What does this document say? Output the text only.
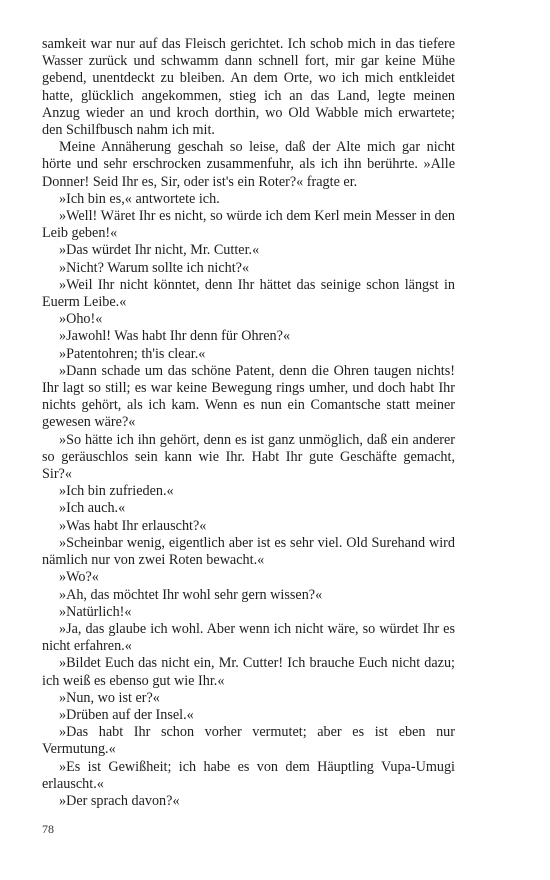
samkeit war nur auf das Fleisch gerichtet. Ich schob mich in das tiefere Wasser zurück und schwamm dann schnell fort, mir gar keine Mühe gebend, unentdeckt zu bleiben. An dem Orte, wo ich mich entkleidet hatte, glücklich angekommen, stieg ich an das Land, legte meinen Anzug wieder an und kroch dorthin, wo Old Wabble mich erwartete; den Schilfbusch nahm ich mit.

Meine Annäherung geschah so leise, daß der Alte mich gar nicht hörte und sehr erschrocken zusammenfuhr, als ich ihn berührte. »Alle Donner! Seid Ihr es, Sir, oder ist's ein Roter?« fragte er.

»Ich bin es,« antwortete ich.

»Well! Wäret Ihr es nicht, so würde ich dem Kerl mein Messer in den Leib geben!«

»Das würdet Ihr nicht, Mr. Cutter.«

»Nicht? Warum sollte ich nicht?«

»Weil Ihr nicht könntet, denn Ihr hättet das seinige schon längst in Euerm Leibe.«

»Oho!«

»Jawohl! Was habt Ihr denn für Ohren?«

»Patentohren; th'is clear.«

»Dann schade um das schöne Patent, denn die Ohren taugen nichts! Ihr lagt so still; es war keine Bewegung rings umher, und doch habt Ihr nichts gehört, als ich kam. Wenn es nun ein Comantsche statt meiner gewesen wäre?«

»So hätte ich ihn gehört, denn es ist ganz unmöglich, daß ein anderer so geräuschlos sein kann wie Ihr. Habt Ihr gute Geschäfte gemacht, Sir?«

»Ich bin zufrieden.«

»Ich auch.«

»Was habt Ihr erlauscht?«

»Scheinbar wenig, eigentlich aber ist es sehr viel. Old Surehand wird nämlich nur von zwei Roten bewacht.«

»Wo?«

»Ah, das möchtet Ihr wohl sehr gern wissen?«

»Natürlich!«

»Ja, das glaube ich wohl. Aber wenn ich nicht wäre, so würdet Ihr es nicht erfahren.«

»Bildet Euch das nicht ein, Mr. Cutter! Ich brauche Euch nicht dazu; ich weiß es ebenso gut wie Ihr.«

»Nun, wo ist er?«

»Drüben auf der Insel.«

»Das habt Ihr schon vorher vermutet; aber es ist eben nur Vermutung.«

»Es ist Gewißheit; ich habe es von dem Häuptling Vupa-Umugi erlauscht.«

»Der sprach davon?«

78
